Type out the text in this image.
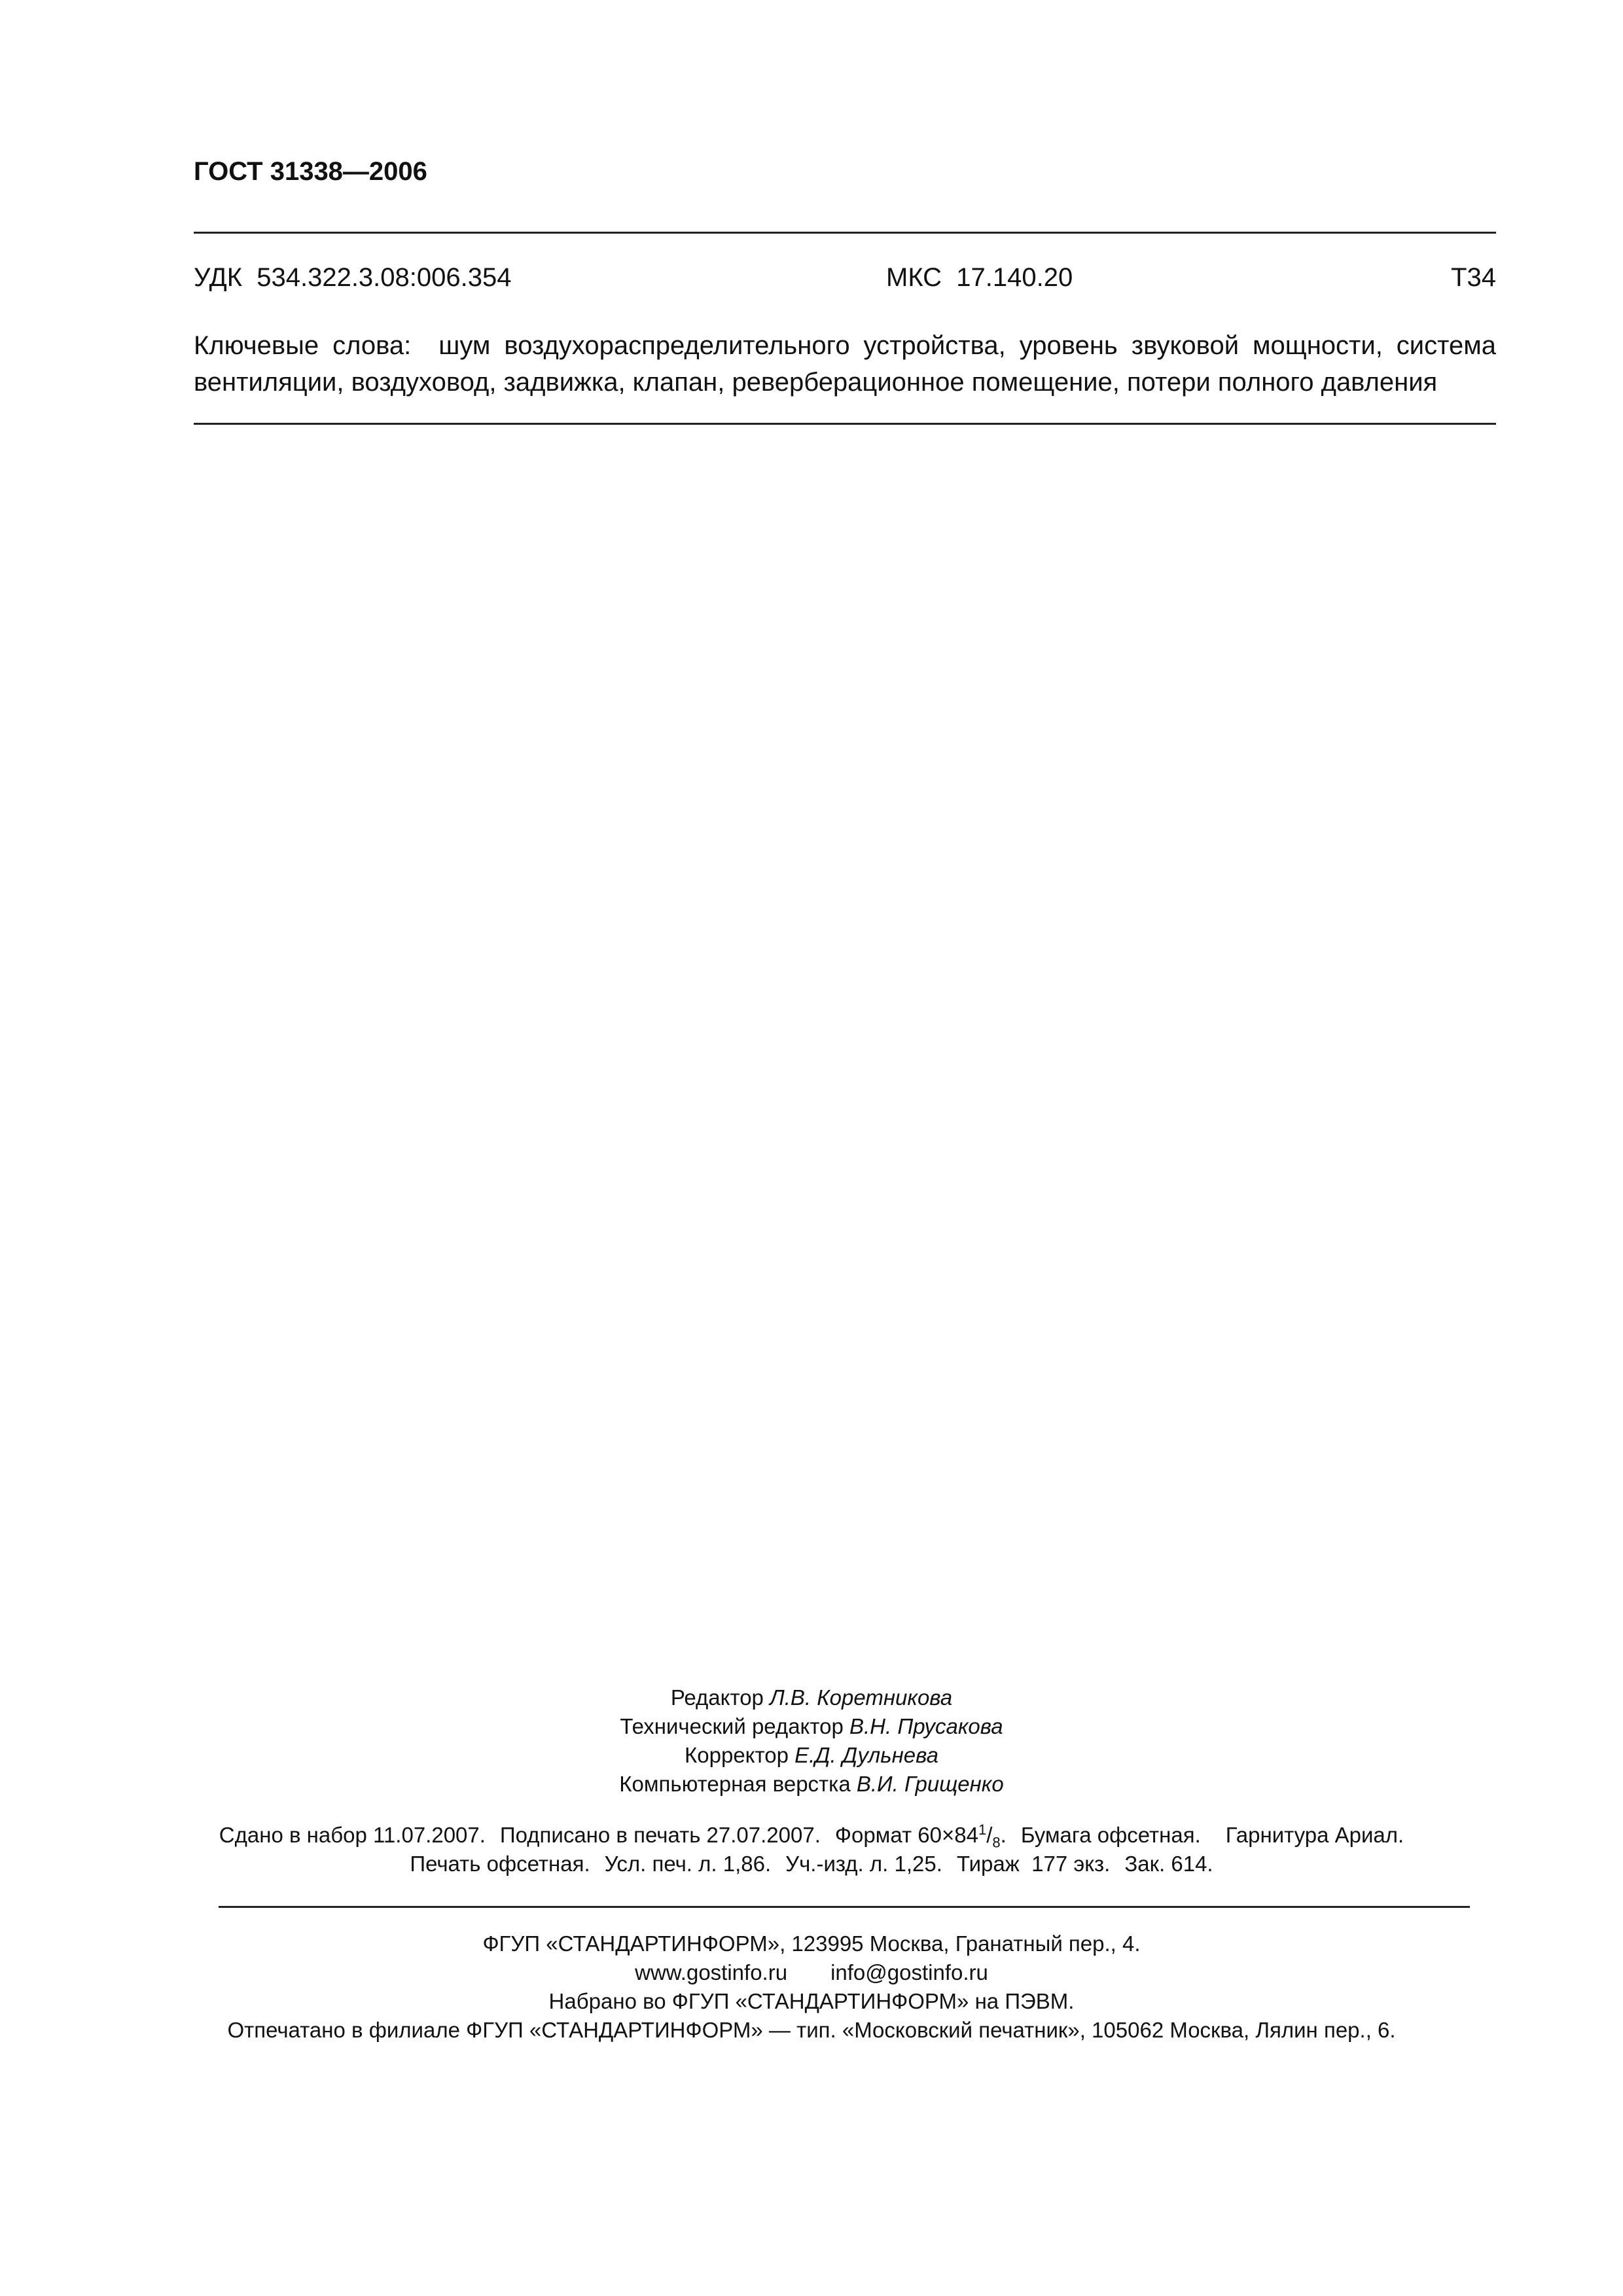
ГОСТ 31338—2006
УДК  534.322.3.08:006.354	МКС  17.140.20	Т34
Ключевые слова:  шум воздухораспределительного устройства, уровень звуковой мощности, система
вентиляции, воздуховод, задвижка, клапан, реверберационное помещение, потери полного давления
Редактор Л.В. Коретникова
Технический редактор В.Н. Прусакова
Корректор Е.Д. Дульнева
Компьютерная верстка В.И. Грищенко
Сдано в набор 11.07.2007. Подписано в печать 27.07.2007. Формат $60\times 84^1/_8$. Бумага офсетная. Гарнитура Ариал.
Печать офсетная. Усл. печ. л. 1,86. Уч.-изд. л. 1,25. Тираж  177 экз. Зак. 614.
ФГУП «СТАНДАРТИНФОРМ», 123995 Москва, Гранатный пер., 4.
www.gostinfo.ru info@gostinfo.ru
Набрано во ФГУП «СТАНДАРТИНФОРМ» на ПЭВМ.
Отпечатано в филиале ФГУП «СТАНДАРТИНФОРМ» — тип. «Московский печатник», 105062 Москва, Лялин пер., 6.
